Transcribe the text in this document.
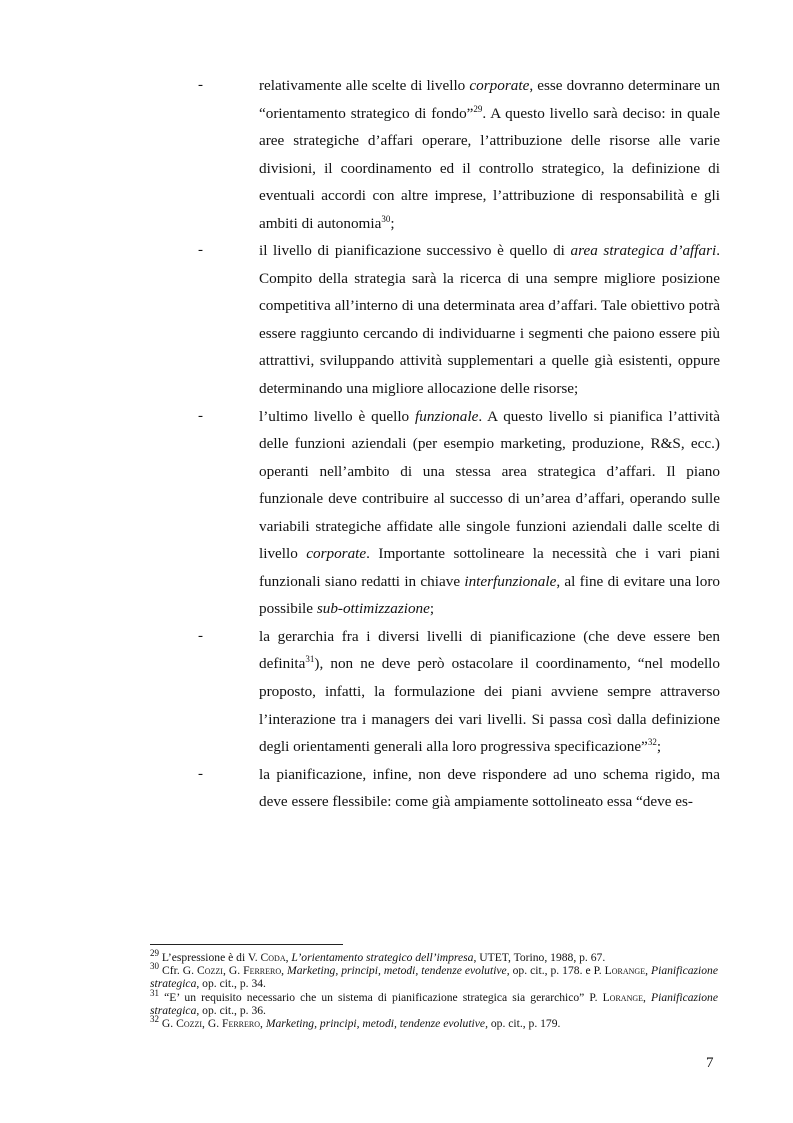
-	relativamente alle scelte di livello corporate, esse dovranno determinare un “orientamento strategico di fondo”$^{29}$. A questo livello sarà deciso: in quale aree strategiche d’affari operare, l’attribuzione delle risorse alle varie divisioni, il coordinamento ed il controllo strategico, la definizione di eventuali accordi con altre imprese, l’attribuzione di responsabilità e gli ambiti di autonomia$^{30}$;
-	il livello di pianificazione successivo è quello di area strategica d’affari. Compito della strategia sarà la ricerca di una sempre migliore posizione competitiva all’interno di una determinata area d’affari. Tale obiettivo potrà essere raggiunto cercando di individuarne i segmenti che paiono essere più attrattivi, sviluppando attività supplementari a quelle già esistenti, oppure determinando una migliore allocazione delle risorse;
-	l’ultimo livello è quello funzionale. A questo livello si pianifica l’attività delle funzioni aziendali (per esempio marketing, produzione, R&S, ecc.) operanti nell’ambito di una stessa area strategica d’affari. Il piano funzionale deve contribuire al successo di un’area d’affari, operando sulle variabili strategiche affidate alle singole funzioni aziendali dalle scelte di livello corporate. Importante sottolineare la necessità che i vari piani funzionali siano redatti in chiave interfunzionale, al fine di evitare una loro possibile sub-ottimizzazione;
-	la gerarchia fra i diversi livelli di pianificazione (che deve essere ben definita$^{31}$), non ne deve però ostacolare il coordinamento, “nel modello proposto, infatti, la formulazione dei piani avviene sempre attraverso l’interazione tra i managers dei vari livelli. Si passa così dalla definizione degli orientamenti generali alla loro progressiva specificazione”$^{32}$;
-	la pianificazione, infine, non deve rispondere ad uno schema rigido, ma deve essere flessibile: come già ampiamente sottolineato essa “deve es-

$^{29}$ L’espressione è di V. Coda, L’orientamento strategico dell’impresa, UTET, Torino, 1988, p. 67.

$^{30}$ Cfr. G. Cozzi, G. Ferrero, Marketing, principi, metodi, tendenze evolutive, op. cit., p. 178. e P. Lorange, Pianificazione strategica, op. cit., p. 34.

$^{31}$ “E’ un requisito necessario che un sistema di pianificazione strategica sia gerarchico” P. Lorange, Pianificazione strategica, op. cit., p. 36.

$^{32}$ G. Cozzi, G. Ferrero, Marketing, principi, metodi, tendenze evolutive, op. cit., p. 179.

7
